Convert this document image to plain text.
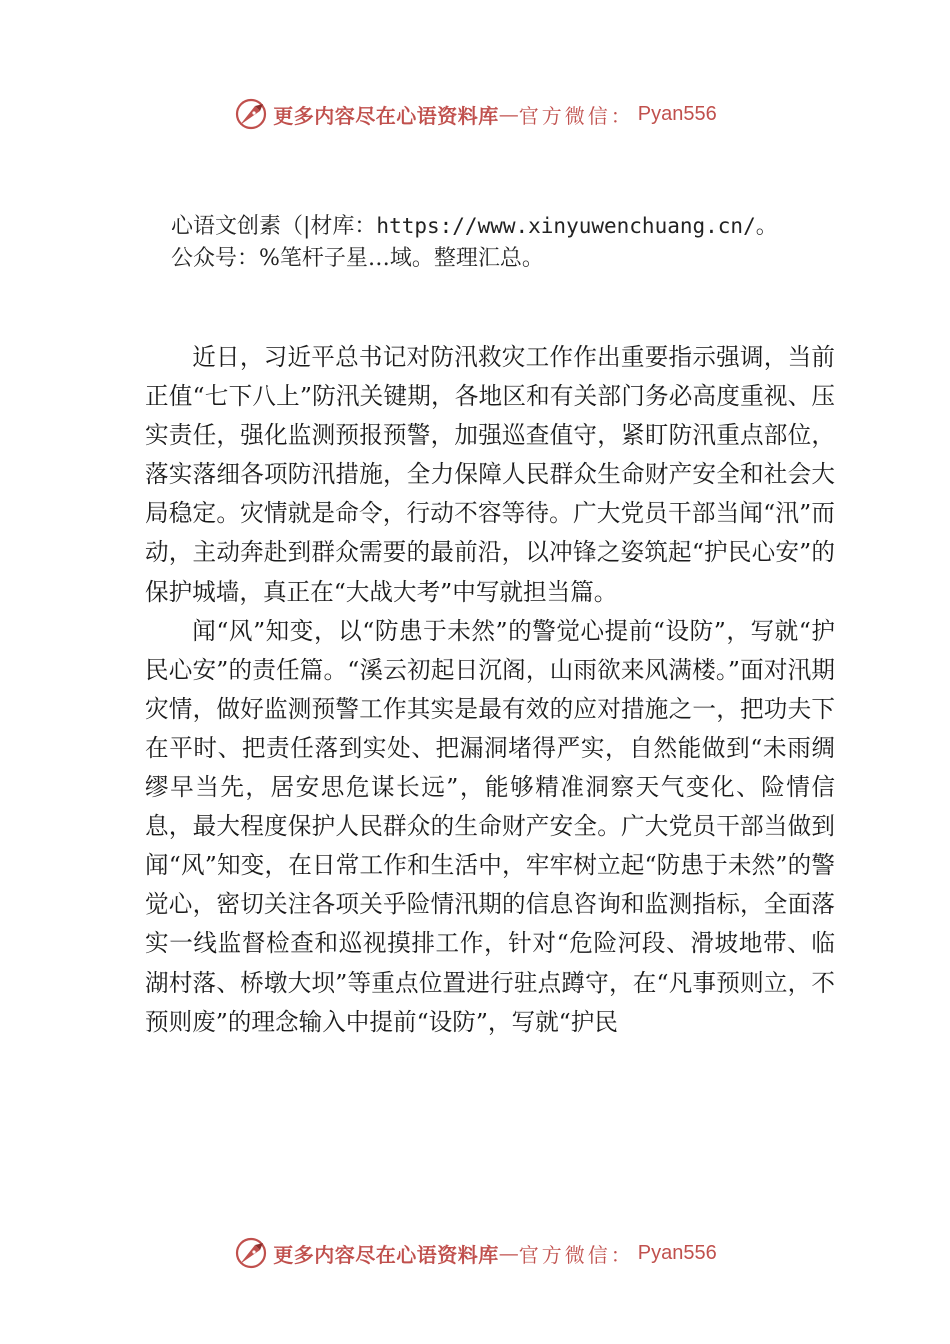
更多内容尽在心语资料库 — 官方微信： Pyan556
心语文创素（|材库：https://www.xinyuwenchuang.cn/。
公众号：%笔杆子星…域。整理汇总。

近日，习近平总书记对防汛救灾工作作出重要指示强调，当前正值“七下八上”防汛关键期，各地区和有关部门务必高度重视、压实责任，强化监测预报预警，加强巡查值守，紧盯防汛重点部位，落实落细各项防汛措施，全力保障人民群众生命财产安全和社会大局稳定。灾情就是命令，行动不容等待。广大党员干部当闻“汛”而动，主动奔赴到群众需要的最前沿，以冲锋之姿筑起“护民心安”的保护城墙，真正在“大战大考”中写就担当篇。

闻“风”知变，以“防患于未然”的警觉心提前“设防”，写就“护民心安”的责任篇。“溪云初起日沉阁，山雨欲来风满楼。”面对汛期灾情，做好监测预警工作其实是最有效的应对措施之一，把功夫下在平时、把责任落到实处、把漏洞堵得严实，自然能做到“未雨绸缪早当先，居安思危谋长远”，能够精准洞察天气变化、险情信息，最大程度保护人民群众的生命财产安全。广大党员干部当做到闻“风”知变，在日常工作和生活中，牢牢树立起“防患于未然”的警觉心，密切关注各项关乎险情汛期的信息咨询和监测指标，全面落实一线监督检查和巡视摸排工作，针对“危险河段、滑坡地带、临湖村落、桥墩大坝”等重点位置进行驻点蹲守，在“凡事预则立，不预则废”的理念输入中提前“设防”，写就“护民

更多内容尽在心语资料库 — 官方微信： Pyan556
